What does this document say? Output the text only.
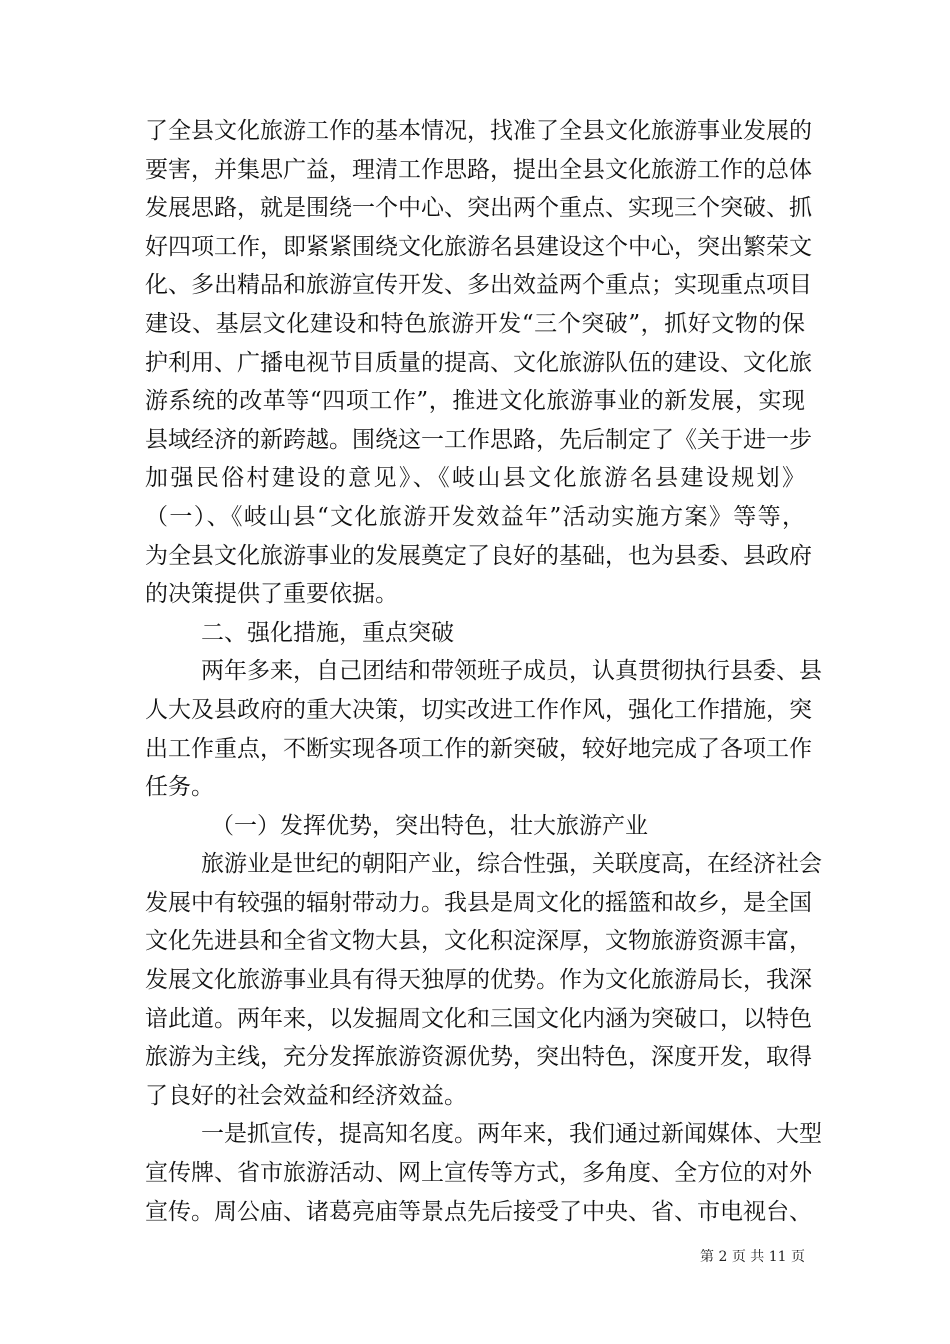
了全县文化旅游工作的基本情况，找准了全县文化旅游事业发展的
要害，并集思广益，理清工作思路，提出全县文化旅游工作的总体
发展思路，就是围绕一个中心、突出两个重点、实现三个突破、抓
好四项工作，即紧紧围绕文化旅游名县建设这个中心，突出繁荣文
化、多出精品和旅游宣传开发、多出效益两个重点；实现重点项目
建设、基层文化建设和特色旅游开发“三个突破”，抓好文物的保
护利用、广播电视节目质量的提高、文化旅游队伍的建设、文化旅
游系统的改革等“四项工作”，推进文化旅游事业的新发展，实现
县域经济的新跨越。围绕这一工作思路，先后制定了《关于进一步
加强民俗村建设的意见》、《岐山县文化旅游名县建设规划》
（一）、《岐山县“文化旅游开发效益年”活动实施方案》等等，
为全县文化旅游事业的发展奠定了良好的基础，也为县委、县政府
的决策提供了重要依据。
二、强化措施，重点突破
两年多来，自己团结和带领班子成员，认真贯彻执行县委、县
人大及县政府的重大决策，切实改进工作作风，强化工作措施，突
出工作重点，不断实现各项工作的新突破，较好地完成了各项工作
任务。
（一）发挥优势，突出特色，壮大旅游产业
旅游业是世纪的朝阳产业，综合性强，关联度高，在经济社会
发展中有较强的辐射带动力。我县是周文化的摇篮和故乡，是全国
文化先进县和全省文物大县，文化积淀深厚，文物旅游资源丰富，
发展文化旅游事业具有得天独厚的优势。作为文化旅游局长，我深
谙此道。两年来，以发掘周文化和三国文化内涵为突破口，以特色
旅游为主线，充分发挥旅游资源优势，突出特色，深度开发，取得
了良好的社会效益和经济效益。
一是抓宣传，提高知名度。两年来，我们通过新闻媒体、大型
宣传牌、省市旅游活动、网上宣传等方式，多角度、全方位的对外
宣传。周公庙、诸葛亮庙等景点先后接受了中央、省、市电视台、
第 2 页 共 11 页
